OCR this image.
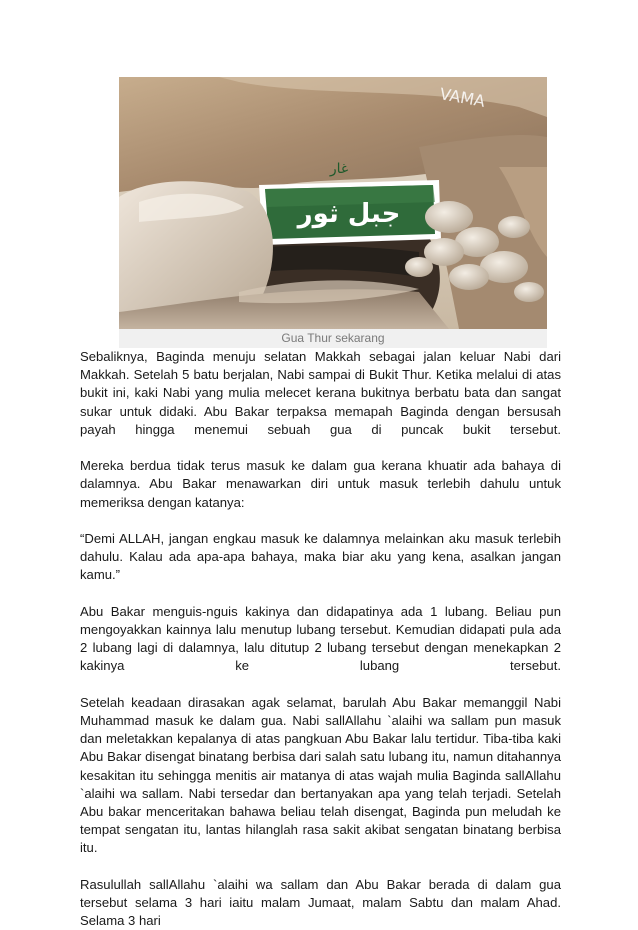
جبل ثور
غار
VAMA
Gua Thur sekarang

Sebaliknya, Baginda menuju selatan Makkah sebagai jalan keluar Nabi dari Makkah. Setelah 5 batu berjalan, Nabi sampai di Bukit Thur. Ketika melalui di atas bukit ini, kaki Nabi yang mulia melecet kerana bukitnya berbatu bata dan sangat sukar untuk didaki. Abu Bakar terpaksa memapah Baginda dengan bersusah payah hingga menemui sebuah gua di puncak bukit tersebut.

Mereka berdua tidak terus masuk ke dalam gua kerana khuatir ada bahaya di dalamnya. Abu Bakar menawarkan diri untuk masuk terlebih dahulu untuk memeriksa dengan katanya:

“Demi ALLAH, jangan engkau masuk ke dalamnya melainkan aku masuk terlebih dahulu. Kalau ada apa-apa bahaya, maka biar aku yang kena, asalkan jangan kamu.”

Abu Bakar menguis-nguis kakinya dan didapatinya ada 1 lubang. Beliau pun mengoyakkan kainnya lalu menutup lubang tersebut. Kemudian didapati pula ada 2 lubang lagi di dalamnya, lalu ditutup 2 lubang tersebut dengan menekapkan 2 kakinya ke lubang tersebut.

Setelah keadaan dirasakan agak selamat, barulah Abu Bakar memanggil Nabi Muhammad masuk ke dalam gua. Nabi sallAllahu `alaihi wa sallam pun masuk dan meletakkan kepalanya di atas pangkuan Abu Bakar lalu tertidur. Tiba-tiba kaki Abu Bakar disengat binatang berbisa dari salah satu lubang itu, namun ditahannya kesakitan itu sehingga menitis air matanya di atas wajah mulia Baginda sallAllahu `alaihi wa sallam. Nabi tersedar dan bertanyakan apa yang telah terjadi. Setelah Abu bakar menceritakan bahawa beliau telah disengat, Baginda pun meludah ke tempat sengatan itu, lantas hilanglah rasa sakit akibat sengatan binatang berbisa itu.

Rasulullah sallAllahu `alaihi wa sallam dan Abu Bakar berada di dalam gua tersebut selama 3 hari iaitu malam Jumaat, malam Sabtu dan malam Ahad. Selama 3 hari
